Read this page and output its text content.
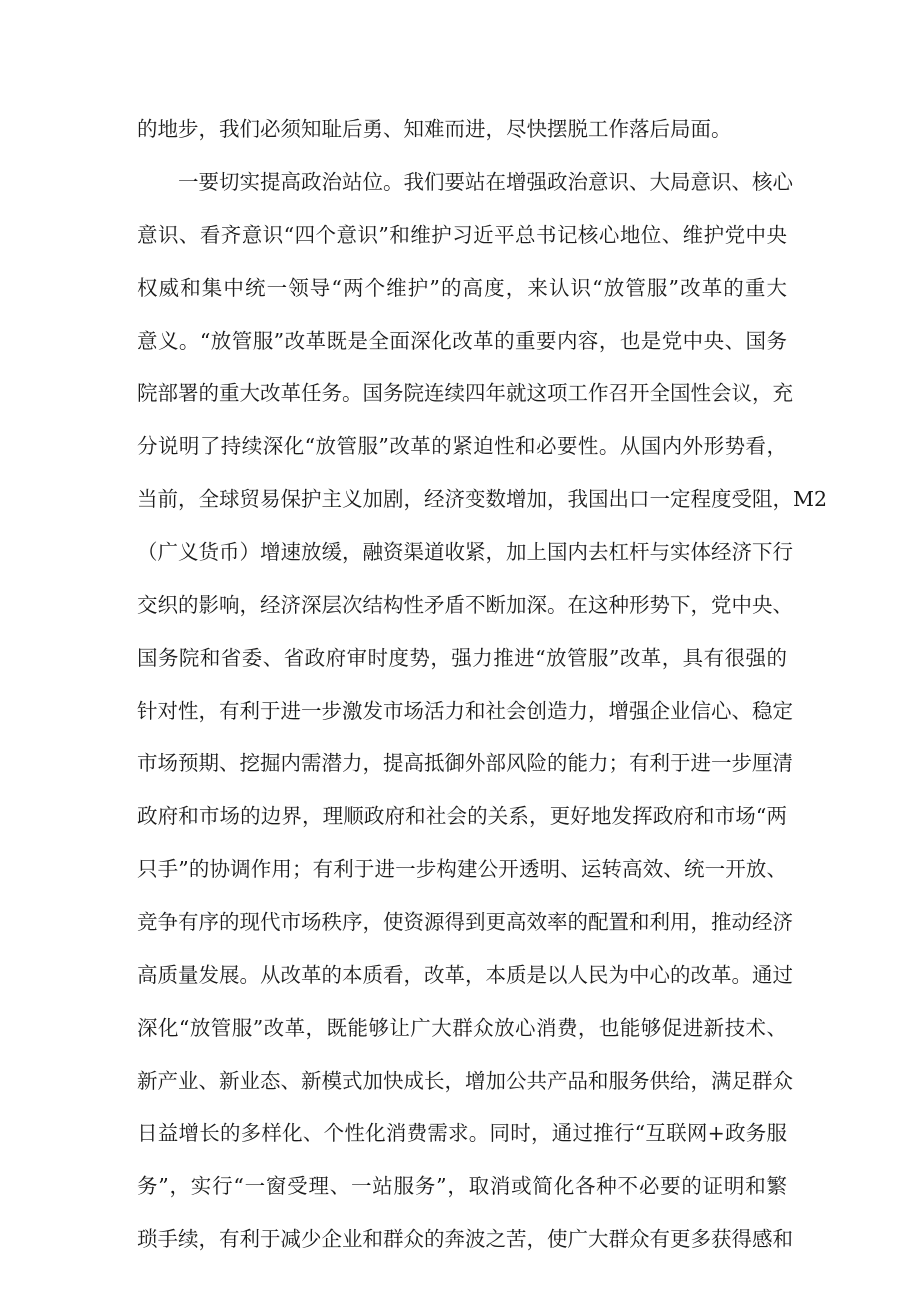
的地步，我们必须知耻后勇、知难而进，尽快摆脱工作落后局面。
一要切实提高政治站位。我们要站在增强政治意识、大局意识、核心
意识、看齐意识“四个意识”和维护习近平总书记核心地位、维护党中央
权威和集中统一领导“两个维护”的高度，来认识“放管服”改革的重大
意义。“放管服”改革既是全面深化改革的重要内容，也是党中央、国务
院部署的重大改革任务。国务院连续四年就这项工作召开全国性会议，充
分说明了持续深化“放管服”改革的紧迫性和必要性。从国内外形势看，
当前，全球贸易保护主义加剧，经济变数增加，我国出口一定程度受阻，M2
（广义货币）增速放缓，融资渠道收紧，加上国内去杠杆与实体经济下行
交织的影响，经济深层次结构性矛盾不断加深。在这种形势下，党中央、
国务院和省委、省政府审时度势，强力推进“放管服”改革，具有很强的
针对性，有利于进一步激发市场活力和社会创造力，增强企业信心、稳定
市场预期、挖掘内需潜力，提高抵御外部风险的能力；有利于进一步厘清
政府和市场的边界，理顺政府和社会的关系，更好地发挥政府和市场“两
只手”的协调作用；有利于进一步构建公开透明、运转高效、统一开放、
竞争有序的现代市场秩序，使资源得到更高效率的配置和利用，推动经济
高质量发展。从改革的本质看，改革，本质是以人民为中心的改革。通过
深化“放管服”改革，既能够让广大群众放心消费，也能够促进新技术、
新产业、新业态、新模式加快成长，增加公共产品和服务供给，满足群众
日益增长的多样化、个性化消费需求。同时，通过推行“互联网+政务服
务”，实行“一窗受理、一站服务”，取消或简化各种不必要的证明和繁
琐手续，有利于减少企业和群众的奔波之苦，使广大群众有更多获得感和
